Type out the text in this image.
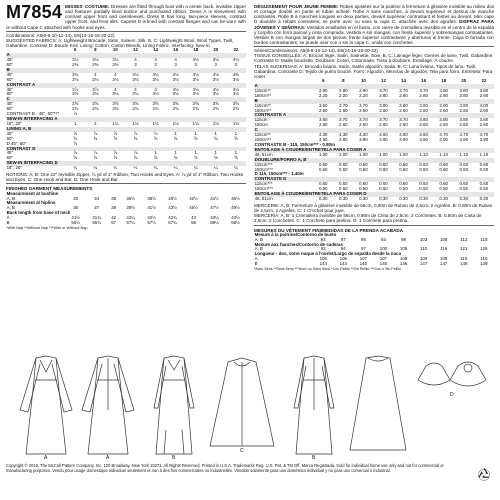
M7854 MISSES' COSTUME: Dresses are fitted through bust with a center back, invisible zipper and features partially lined bodice and purchased ribbon. Dress A is sleeveless with contrast upper front and oversleeves. Dress B has long, two-piece sleeves, contrast upper front, and front slits. Capelet D is lined with contrast flanges and can be worn with or without Cape C attached with hooks and eyes.

Combinations: A5(6-8-10-12-14), E5(14-16-18-20-22)

SUGGESTED FABRICS: A: Lightweight Brocade, Satin, Sateen, Silk. B, C: Lightweight Wool, Wool Types, Twill, Gabardine. Contrast D: Boucle Knit. Lining: Cotton, Cotton Blends, Lining Fabric. Interfacing: Sew-in.

	6	8	10	12	14	16	18	20	22
A									
45"	3⅛	3⅛	3⅛	4	4	4	4⅛	4⅛	4⅛
60"	2⅜	2⅜	2⅜	3	3	3	3	3	3
B									
45"	3¾	4	4	4⅛	4⅛	4⅛	4⅛	4⅛	4⅜
60"	3⅛	3⅛	3⅛	3⅛	3⅛	3⅛	3⅛	3⅛	3⅛
CONTRAST A									
45"	3⅞	3⅞	4	4	4	4⅛	4⅛	4⅛	4⅛
60"	3⅛	3⅛	3⅛	3⅛	3⅛	3⅛	3⅛	3⅛	3⅛
C									
45"	3⅝	3⅝	3⅝	3⅝	3⅝	3⅝	3⅝	3⅝	3⅝
60"	2¾	2¾	2¾	2¾	2¾	2¾	2¾	2¾	2¾
CONTRAST B - 45", 60"***	⅞								
SEW-IN INTERFACING A									
18", 20"	1	1	1⅛	1⅛	1⅛	1⅛	1⅛	1⅛	1⅛
LINING A, B									
45"	⅞	⅞	⅞	⅞	⅞	1	1	1	1
60"	⅝	⅝	⅝	⅝	⅝	⅝	⅝	⅝	⅝
D 45", 60"	⅞								
CONTRAST D									
45"	⅞	⅞	⅞	⅞	1	1	1	1	1
60"	⅝	⅝	⅝	⅝	⅝	⅝	⅝	⅝	⅝
SEW-IN INTERFACING D									
18", 20"	¼	¼	¼	¼	¼	¼	¼	¼	¼

NOTIONS: A, B: One 22" Invisible Zipper, ⅞ yd of 1" Ribbon, Two Hooks and Eyes. A: ⅞ yd of 1" Ribbon, Two Hooks and Eyes. C: One Hook and Bar. D: One Hook and Bar.

FINISHED GARMENT MEASUREMENTS

Measurement at bustline									
A, B	33	34	35	36½	38½	40½	42½	44½	46½
Measurement at hipline									
A, B	36	37	38	39½	41½	43½	45½	47½	49½
Back length from base of neck									
A	41½	41¾	42	42¼	42½	42¾	43	43¼	43½
B	56½	56¾	57	57¼	57½	57¾	58	58¼	58½

*With Nap **Without Nap ***With or Without Nap

DÉGUISEMENT POUR JEUNE FEMME: Robes ajustées sur la poitrine à fermeture à glissière invisible au milieu dos et corsage doublé en partie et ruban acheté. Robe A sans manches, à devant supérieur et dessus de manche contrastés. Robe B à manches longues en deux parties, devant supérieur contrastant et fentes au devant. Mini cape D doublée à rabats contrastés; se porte avec ou sans la cape C, attachée avec des agrafes. DISFRAZ PARA JÓVENES Y SEÑORAS: Vestidos entallados en el busto, con cierre de cremallera invisible en el centro de la espalda y corpiño con forro parcial y cinta comprada. Vestido A sin mangas, con frente superior y sobremangas contrastantes. Vestido B con mangas largas de dos piezas, frente superior contrastante y aberturas al frente. Capa D forrada con bordes contrastantes; se puede usar con o sin la capa C, unida con corchetes.

Séries/Combinaisons: A5(6-8-10-12-14), E5(14-16-18-20-22)

TISSUS CONSEILLÉS: A: Brocart léger, Satin, Satinette, Soie. B, C: Lainage léger, Genres de laine, Twill, Gabardine. Contraste D: Maille bouclette. Doublure: Coton, Cotonnade, Tissu à doublure. Entoilage: À coudre.

TELAS SUGERIDAS: A: Brocado liviano, Satín, Satén algodón, Seda. B, C: Lana liviana, Tipos de lana, Twill, Gabardina. Contraste D: Tejido de punto bouclé. Forro: Algodón, Mezclas de algodón, Tela para forro. Entretela: Para coser.

	6	8	10	12	14	16	18	20	22
A									
115cm**	2.90	2.90	2.90	3.70	3.70	3.70	3.80	3.80	3.80
150cm**	2.20	2.20	2.20	2.80	2.80	2.80	2.80	2.80	2.80
B									
115cm**	3.50	3.70	3.70	3.80	3.80	3.80	3.80	3.80	4.00
150cm**	2.60	2.60	2.60	2.60	2.60	2.60	2.60	2.60	2.60
CONTRASTE A									
115cm	3.60	3.70	3.70	3.70	3.70	3.80	3.80	3.80	3.80
150cm	2.60	2.60	2.60	2.60	2.60	2.60	2.60	2.60	2.60
C									
115cm**	4.30	4.30	4.30	4.50	4.50	4.50	4.70	4.70	4.70
150cm**	3.90	3.90	3.90	3.90	3.90	3.90	3.90	3.90	3.90
CONTRASTE B - 115, 150cm*** - 0.80m									
ENTOILAGE À COUDRE/ENTRETELA PARA COSER A									
46, 51cm	1.00	1.00	1.00	1.00	1.00	1.10	1.10	1.10	1.10
DOUBLURE/FORRO A, B									
115cm***	0.60	0.60	0.60	0.60	0.60	0.60	0.60	0.60	0.60
150cm***	0.60	0.60	0.60	0.60	0.60	0.60	0.60	0.60	0.60
D 115, 150cm*** - 1.40m									
CONTRASTE D									
115cm***	0.60	0.60	0.60	0.60	0.60	0.60	0.60	0.60	0.60
150cm***	0.50	0.50	0.50	0.50	0.50	0.50	0.50	0.50	0.50
ENTOILAGE À COUDRE/ENTRETELA PARA COSER D									
46, 51cm	0.30	0.30	0.30	0.30	0.30	0.30	0.30	0.30	0.30

MERCERIE: A, B: Fermeture à glissière invisible de 56cm, 0,80m de Ruban de 2,5cm, 2 Agrafes. B: 0,80m de Ruban de 2,5cm, 2 Agrafes. C: 1 Crochet pour jupe.

MERCERÍA: A, B: 1 Cremallera invisible de 56cm, 0.80m de Cinta de 2,5cm, 2 Corchetes. B: 0.80m de Cinta de 2,5cm, 2 Corchetes. C: 1 Corchete para pretina. D: 1 Corchete para pretina.

MESURES DU VÊTEMENT FINI/MEDIDAS DE LA PRENDA ACABADA

Mesure à la poitrine/Contorno de busto									
A, B	84	87	89	93	98	103	108	113	118
Mesure aux hanches/Contorno de caderas									
A, B	92	94	97	100	105	110	116	121	126
Longueur - dos, votre nuque à l'ourlet/Largo de espalda desde la nuca									
A	105	106	107	107	108	109	109	110	110
B	144	144	145	146	146	147	147	148	149

*Avec Sens **Sans Sens ***Avec ou Sans Sens *Con Pelillo **Sin Pelillo ***Con o Sin Pelillo

A	A	B
C
B
D
Copyright © 2018, The McCall Pattern Company, Inc. 120 Broadway, New York 10271. All Rights Reserved. Printed in U.S.A. Trademarks Reg. U.S. Pat. & TM Off. Marca Registrada. Sold for individual home use only and not for commercial or manufacturing purposes. Vendu pour usage domestique individuel seulement et non à des fins commerciales ou industrielles. Vendido solamente para uso doméstico individual y no para uso comercial o industrial.
